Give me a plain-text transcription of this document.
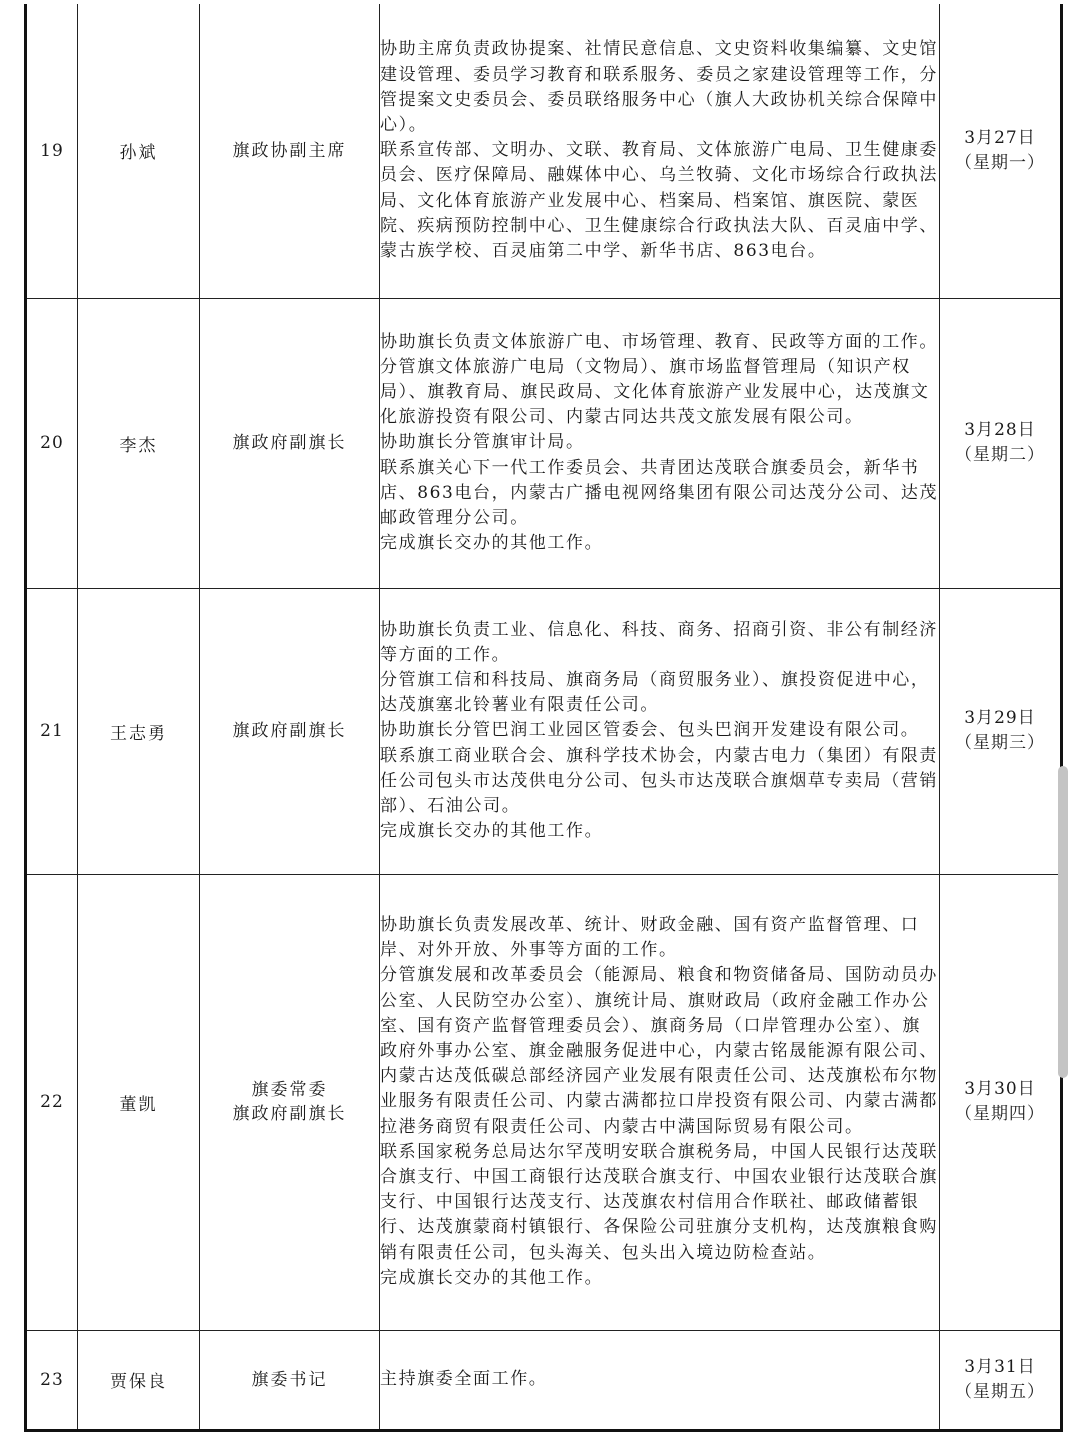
19	孙斌	旗政协副主席	协助主席负责政协提案、社情民意信息、文史资料收集编纂、文史馆建设管理、委员学习教育和联系服务、委员之家建设管理等工作，分管提案文史委员会、委员联络服务中心（旗人大政协机关综合保障中心）。
联系宣传部、文明办、文联、教育局、文体旅游广电局、卫生健康委员会、医疗保障局、融媒体中心、乌兰牧骑、文化市场综合行政执法局、文化体育旅游产业发展中心、档案局、档案馆、旗医院、蒙医院、疾病预防控制中心、卫生健康综合行政执法大队、百灵庙中学、蒙古族学校、百灵庙第二中学、新华书店、863电台。	3月27日
（星期一）

20	李杰	旗政府副旗长	协助旗长负责文体旅游广电、市场管理、教育、民政等方面的工作。
分管旗文体旅游广电局（文物局）、旗市场监督管理局（知识产权局）、旗教育局、旗民政局、文化体育旅游产业发展中心，达茂旗文化旅游投资有限公司、内蒙古同达共茂文旅发展有限公司。
协助旗长分管旗审计局。
联系旗关心下一代工作委员会、共青团达茂联合旗委员会，新华书店、863电台，内蒙古广播电视网络集团有限公司达茂分公司、达茂邮政管理分公司。
完成旗长交办的其他工作。	3月28日
（星期二）

21	王志勇	旗政府副旗长	协助旗长负责工业、信息化、科技、商务、招商引资、非公有制经济等方面的工作。
分管旗工信和科技局、旗商务局（商贸服务业）、旗投资促进中心，达茂旗塞北铃薯业有限责任公司。
协助旗长分管巴润工业园区管委会、包头巴润开发建设有限公司。
联系旗工商业联合会、旗科学技术协会，内蒙古电力（集团）有限责任公司包头市达茂供电分公司、包头市达茂联合旗烟草专卖局（营销部）、石油公司。
完成旗长交办的其他工作。	3月29日
（星期三）

22	董凯	旗委常委
旗政府副旗长	协助旗长负责发展改革、统计、财政金融、国有资产监督管理、口岸、对外开放、外事等方面的工作。
分管旗发展和改革委员会（能源局、粮食和物资储备局、国防动员办公室、人民防空办公室）、旗统计局、旗财政局（政府金融工作办公室、国有资产监督管理委员会）、旗商务局（口岸管理办公室）、旗政府外事办公室、旗金融服务促进中心，内蒙古铭晟能源有限公司、内蒙古达茂低碳总部经济园产业发展有限责任公司、达茂旗松布尔物业服务有限责任公司、内蒙古满都拉口岸投资有限公司、内蒙古满都拉港务商贸有限责任公司、内蒙古中满国际贸易有限公司。
联系国家税务总局达尔罕茂明安联合旗税务局，中国人民银行达茂联合旗支行、中国工商银行达茂联合旗支行、中国农业银行达茂联合旗支行、中国银行达茂支行、达茂旗农村信用合作联社、邮政储蓄银行、达茂旗蒙商村镇银行、各保险公司驻旗分支机构，达茂旗粮食购销有限责任公司，包头海关、包头出入境边防检查站。
完成旗长交办的其他工作。	3月30日
（星期四）

23	贾保良	旗委书记	主持旗委全面工作。	3月31日
（星期五）
